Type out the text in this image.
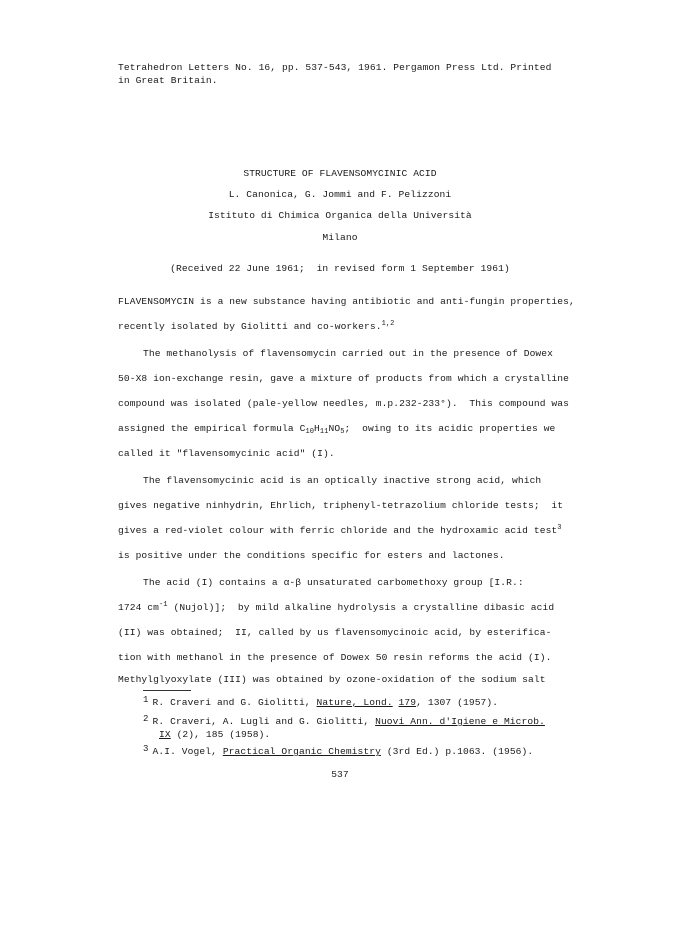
Tetrahedron Letters No. 16, pp. 537-543, 1961. Pergamon Press Ltd. Printed
in Great Britain.
STRUCTURE OF FLAVENSOMYCINIC ACID
L. Canonica, G. Jommi and F. Pelizzoni
Istituto di Chimica Organica della Università
Milano
(Received 22 June 1961;  in revised form 1 September 1961)
FLAVENSOMYCIN is a new substance having antibiotic and anti-fungin properties,
recently isolated by Giolitti and co-workers.$^{1,2}$
The methanolysis of flavensomycin carried out in the presence of Dowex
50-X8 ion-exchange resin, gave a mixture of products from which a crystalline
compound was isolated (pale-yellow needles, m.p.232-233°).  This compound was
assigned the empirical formula $C_{10}H_{11}NO_5$;  owing to its acidic properties we
called it "flavensomycinic acid" (I).
The flavensomycinic acid is an optically inactive strong acid, which
gives negative ninhydrin, Ehrlich, triphenyl-tetrazolium chloride tests;  it
gives a red-violet colour with ferric chloride and the hydroxamic acid test$^3$
is positive under the conditions specific for esters and lactones.
The acid (I) contains a α-β unsaturated carbomethoxy group [I.R.:
1724 $cm^{-1}$ (Nujol)];  by mild alkaline hydrolysis a crystalline dibasic acid
(II) was obtained;  II, called by us flavensomycinoic acid, by esterifica-
tion with methanol in the presence of Dowex 50 resin reforms the acid (I).
Methylglyoxylate (III) was obtained by ozone-oxidation of the sodium salt
1 R. Craveri and G. Giolitti, Nature, Lond. 179, 1307 (1957).
2 R. Craveri, A. Lugli and G. Giolitti, Nuovi Ann. d'Igiene e Microb.
IX (2), 185 (1958).
3 A.I. Vogel, Practical Organic Chemistry (3rd Ed.) p.1063. (1956).
537
